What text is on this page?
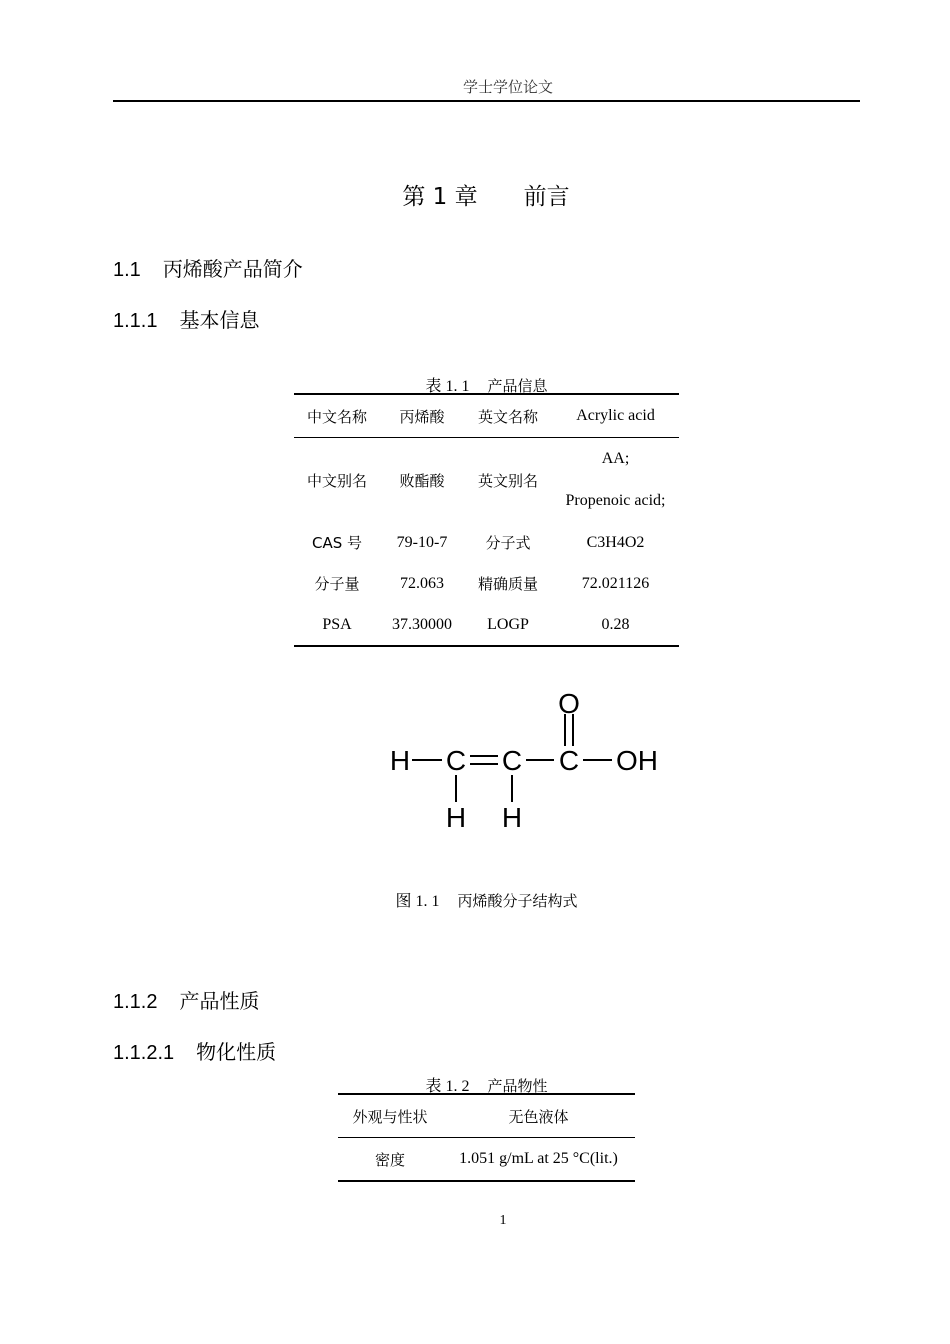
学士学位论文
第 1 章 前言
1.1 丙烯酸产品简介
1.1.1 基本信息
表 1. 1 产品信息
中文名称	丙烯酸	英文名称	Acrylic acid
中文别名	败酯酸	英文别名	AA;
Propenoic acid;

CAS 号	79-10-7	分子式	C3H4O2
分子量	72.063	精确质量	72.021126
PSA	37.30000	LOGP	0.28
H C C C OH
O
H H
图 1. 1 丙烯酸分子结构式
1.1.2 产品性质
1.1.2.1 物化性质
表 1. 2 产品物性
外观与性状	无色液体
密度	1.051 g/mL at 25 °C(lit.)
1
